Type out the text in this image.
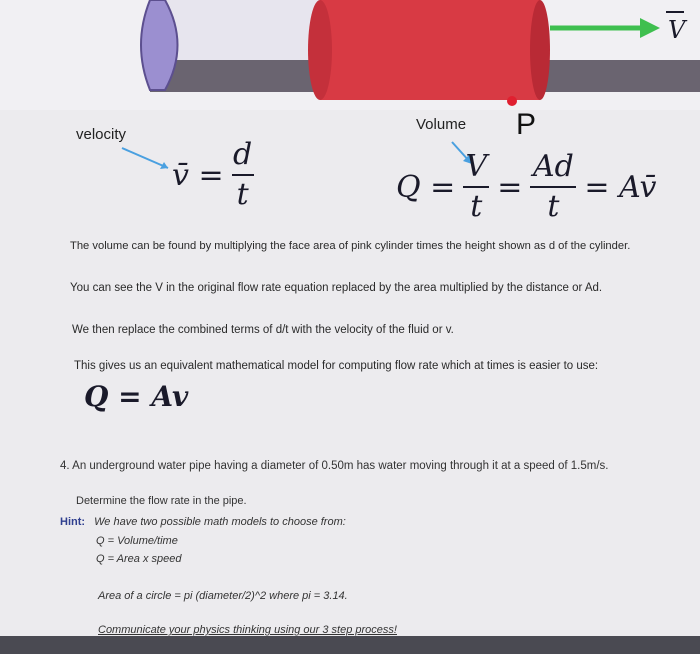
V
velocity
v̄ = $\frac{d}{t}$
Volume P
$Q = \frac{V}{t} = \frac{Ad}{t}$ = Av̄
The volume can be found by multiplying the face area of pink cylinder times the height shown as d of the cylinder.
You can see the V in the original flow rate equation replaced by the area multiplied by the distance or Ad.
We then replace the combined terms of d/t with the velocity of the fluid or v.
This gives us an equivalent mathematical model for computing flow rate which at times is easier to use:
Q = Av
4. An underground water pipe having a diameter of 0.50m has water moving through it at a speed of 1.5m/s.
Determine the flow rate in the pipe.
Hint: We have two possible math models to choose from:
Q = Volume/time
Q = Area x speed
Area of a circle = pi (diameter/2)^2 where pi = 3.14.
Communicate your physics thinking using our 3 step process!
